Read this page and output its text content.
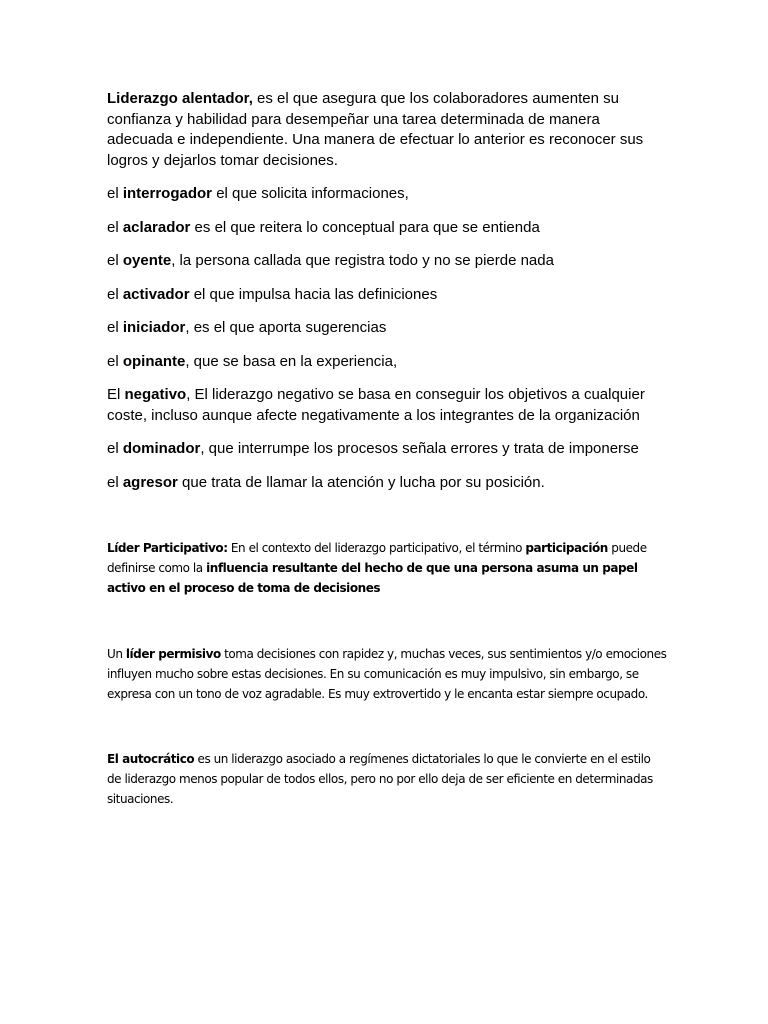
Liderazgo alentador, es el que asegura que los colaboradores aumenten su confianza y habilidad para desempeñar una tarea determinada de manera adecuada e independiente. Una manera de efectuar lo anterior es reconocer sus logros y dejarlos tomar decisiones.

el interrogador el que solicita informaciones,

el aclarador es el que reitera lo conceptual para que se entienda

el oyente, la persona callada que registra todo y no se pierde nada

el activador el que impulsa hacia las definiciones

el iniciador, es el que aporta sugerencias

el opinante, que se basa en la experiencia,

El negativo, El liderazgo negativo se basa en conseguir los objetivos a cualquier coste, incluso aunque afecte negativamente a los integrantes de la organización

el dominador, que interrumpe los procesos señala errores y trata de imponerse

el agresor que trata de llamar la atención y lucha por su posición.

Líder Participativo: En el contexto del liderazgo participativo, el término participación puede definirse como la influencia resultante del hecho de que una persona asuma un papel activo en el proceso de toma de decisiones

Un líder permisivo toma decisiones con rapidez y, muchas veces, sus sentimientos y/o emociones influyen mucho sobre estas decisiones. En su comunicación es muy impulsivo, sin embargo, se expresa con un tono de voz agradable. Es muy extrovertido y le encanta estar siempre ocupado.

El autocrático es un liderazgo asociado a regímenes dictatoriales lo que le convierte en el estilo de liderazgo menos popular de todos ellos, pero no por ello deja de ser eficiente en determinadas situaciones.
